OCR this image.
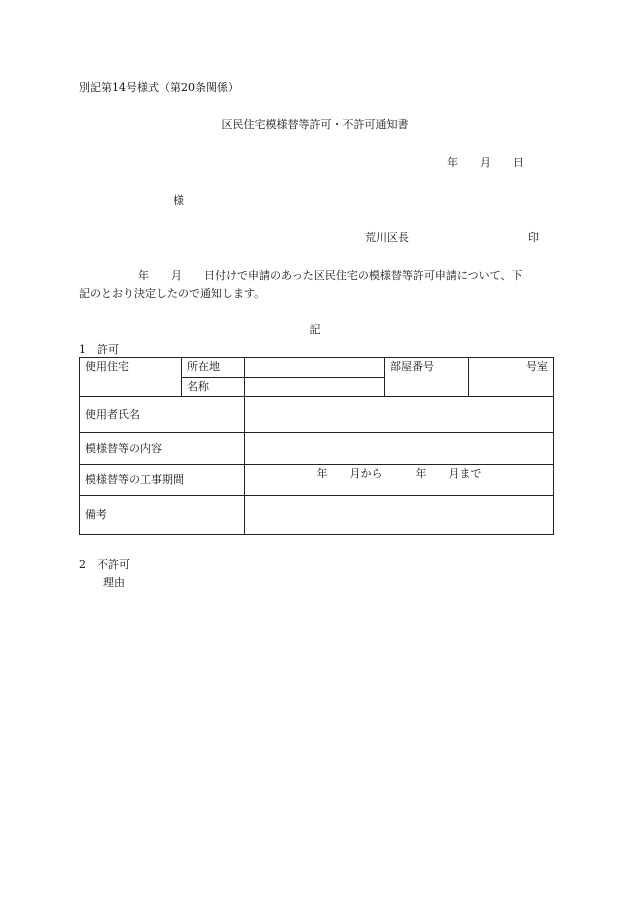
別記第14号様式（第20条関係）
区民住宅模様替等許可・不許可通知書
年　　月　　日
様
荒川区長	印
年　　月　　日付けで申請のあった区民住宅の模様替等許可申請について、下
記のとおり決定したので通知します。
記
1　許可
使用住宅	所在地		部屋番号	号室
	名称			
使用者氏名				
模様替等の内容				
模様替等の工事期間		年　　月から　　　年　　月まで		
備考				
2　不許可
理由
